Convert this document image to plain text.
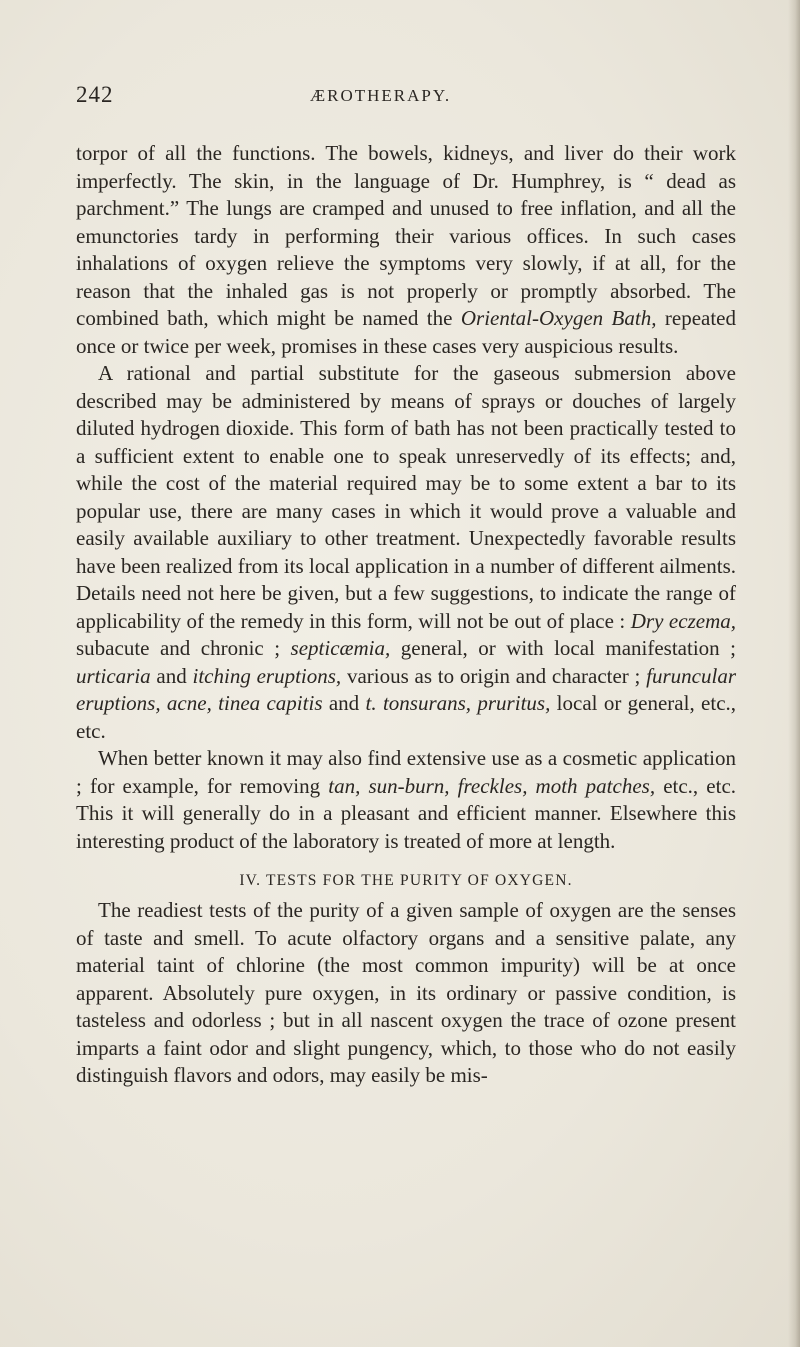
242	ÆROTHERAPY.

torpor of all the functions. The bowels, kidneys, and liver do their work imperfectly. The skin, in the language of Dr. Humphrey, is “ dead as parchment.” The lungs are cramped and unused to free inflation, and all the emunctories tardy in performing their various offices. In such cases inhalations of oxygen relieve the symptoms very slowly, if at all, for the reason that the inhaled gas is not properly or promptly absorbed. The combined bath, which might be named the Oriental-Oxygen Bath, repeated once or twice per week, promises in these cases very auspicious results.

A rational and partial substitute for the gaseous submersion above described may be administered by means of sprays or douches of largely diluted hydrogen dioxide. This form of bath has not been practically tested to a sufficient extent to enable one to speak unreservedly of its effects; and, while the cost of the material required may be to some extent a bar to its popular use, there are many cases in which it would prove a valuable and easily available auxiliary to other treatment. Unexpectedly favorable results have been realized from its local application in a number of different ailments. Details need not here be given, but a few suggestions, to indicate the range of applicability of the remedy in this form, will not be out of place : Dry eczema, subacute and chronic ; septicæmia, general, or with local manifestation ; urticaria and itching eruptions, various as to origin and character ; furuncular eruptions, acne, tinea capitis and t. tonsurans, pruritus, local or general, etc., etc.

When better known it may also find extensive use as a cosmetic application ; for example, for removing tan, sun-burn, freckles, moth patches, etc., etc. This it will generally do in a pleasant and efficient manner. Elsewhere this interesting product of the laboratory is treated of more at length.

IV. TESTS FOR THE PURITY OF OXYGEN.

The readiest tests of the purity of a given sample of oxygen are the senses of taste and smell. To acute olfactory organs and a sensitive palate, any material taint of chlorine (the most common impurity) will be at once apparent. Absolutely pure oxygen, in its ordinary or passive condition, is tasteless and odorless ; but in all nascent oxygen the trace of ozone present imparts a faint odor and slight pungency, which, to those who do not easily distinguish flavors and odors, may easily be mis-
